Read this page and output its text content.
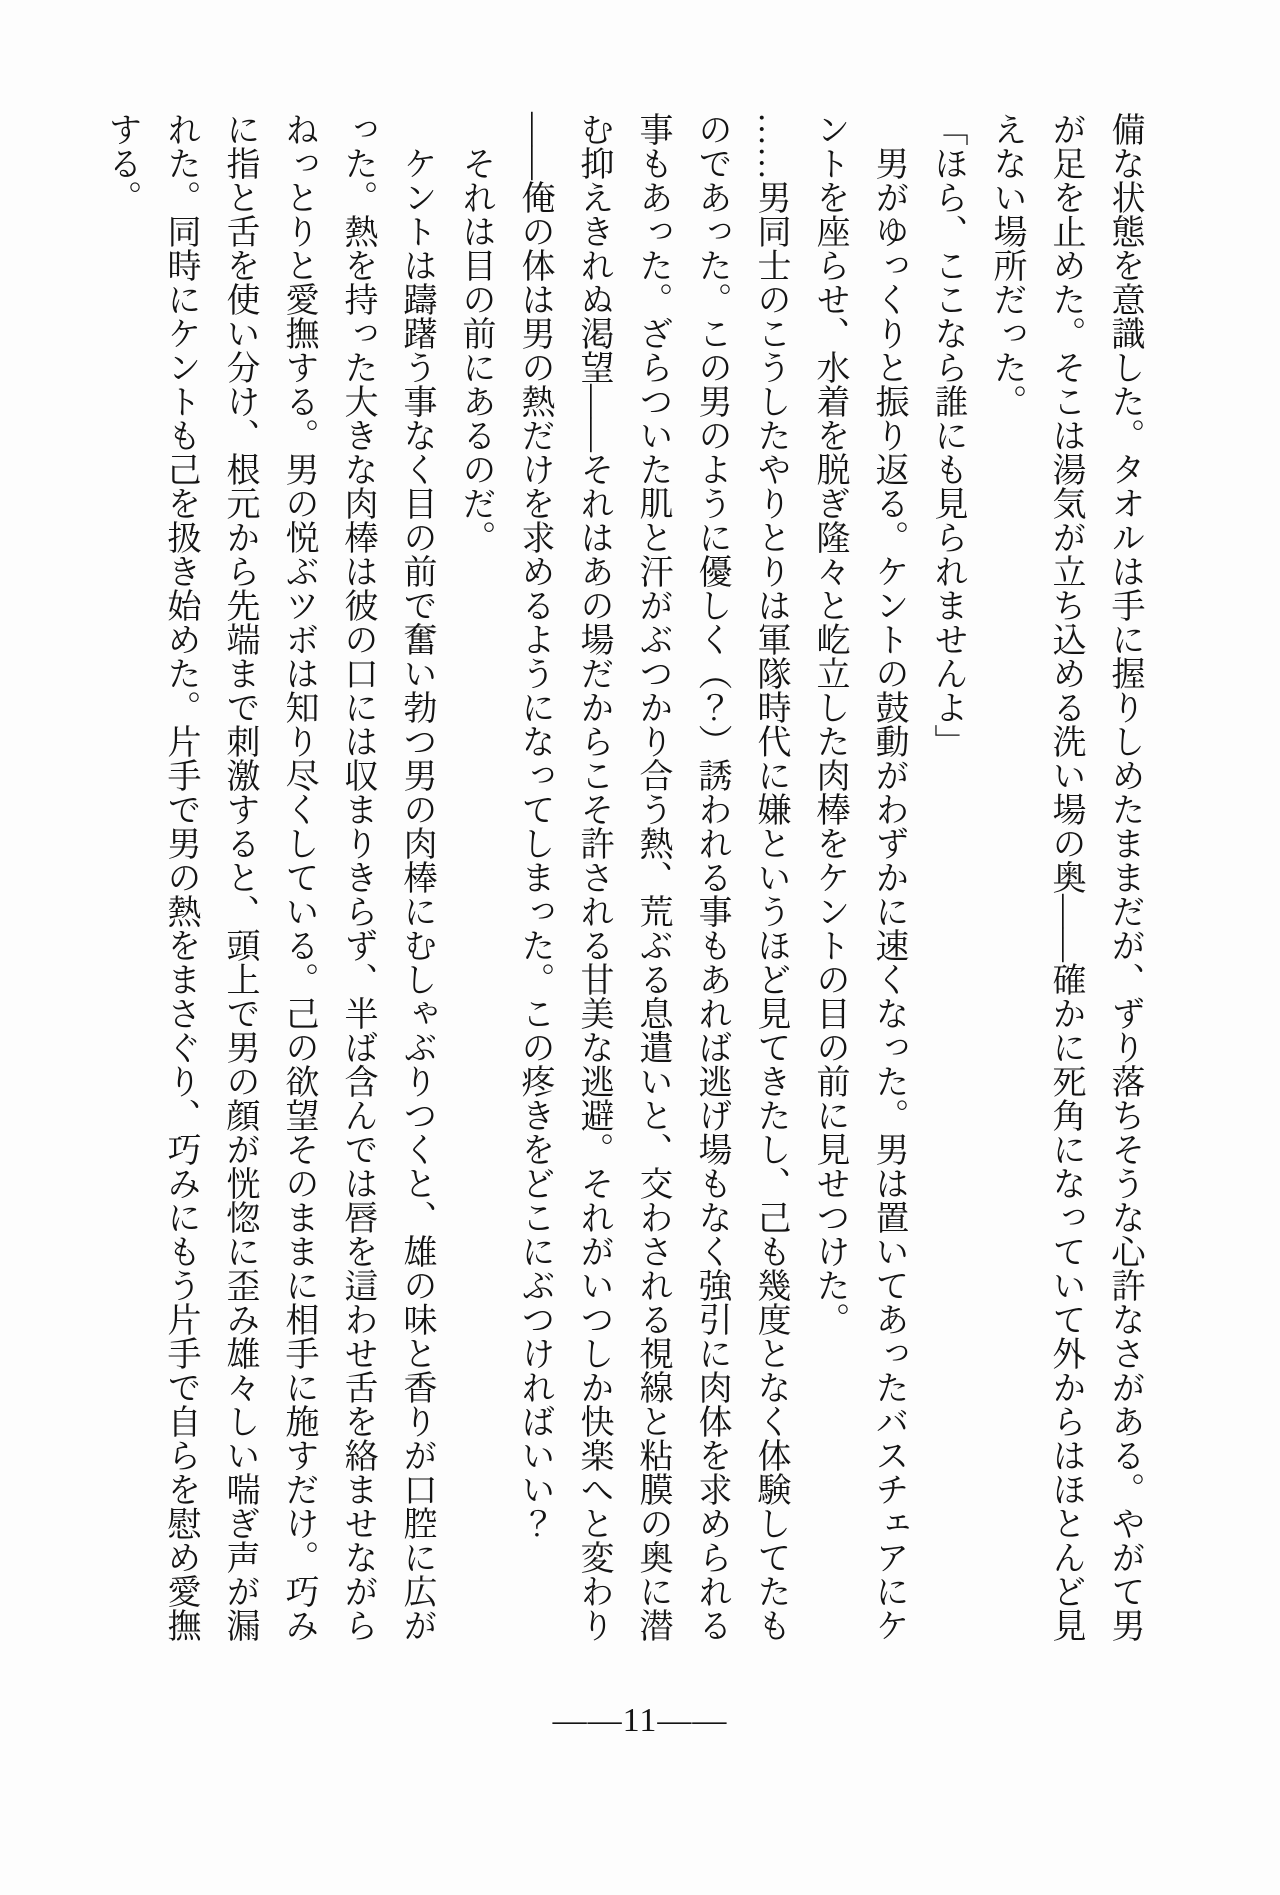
備な状態を意識した。タオルは手に握りしめたままだが、ずり落ちそうな心許なさがある。やがて男が足を止めた。そこは湯気が立ち込める洗い場の奥――確かに死角になっていて外からはほとんど見えない場所だった。

「ほら、ここなら誰にも見られませんよ」

男がゆっくりと振り返る。ケントの鼓動がわずかに速くなった。男は置いてあったバスチェアにケントを座らせ、水着を脱ぎ隆々と屹立した肉棒をケントの目の前に見せつけた。

……男同士のこうしたやりとりは軍隊時代に嫌というほど見てきたし、己も幾度となく体験してたものであった。この男のように優しく（？）誘われる事もあれば逃げ場もなく強引に肉体を求められる事もあった。ざらついた肌と汗がぶつかり合う熱、荒ぶる息遣いと、交わされる視線と粘膜の奥に潜む抑えきれぬ渇望――それはあの場だからこそ許される甘美な逃避。それがいつしか快楽へと変わり――俺の体は男の熱だけを求めるようになってしまった。この疼きをどこにぶつければいい？

それは目の前にあるのだ。

ケントは躊躇う事なく目の前で奮い勃つ男の肉棒にむしゃぶりつくと、雄の味と香りが口腔に広がった。熱を持った大きな肉棒は彼の口には収まりきらず、半ば含んでは唇を這わせ舌を絡ませながらねっとりと愛撫する。男の悦ぶツボは知り尽くしている。己の欲望そのままに相手に施すだけ。巧みに指と舌を使い分け、根元から先端まで刺激すると、頭上で男の顔が恍惚に歪み雄々しい喘ぎ声が漏れた。同時にケントも己を扱き始めた。片手で男の熱をまさぐり、巧みにもう片手で自らを慰め愛撫する。

――11――
